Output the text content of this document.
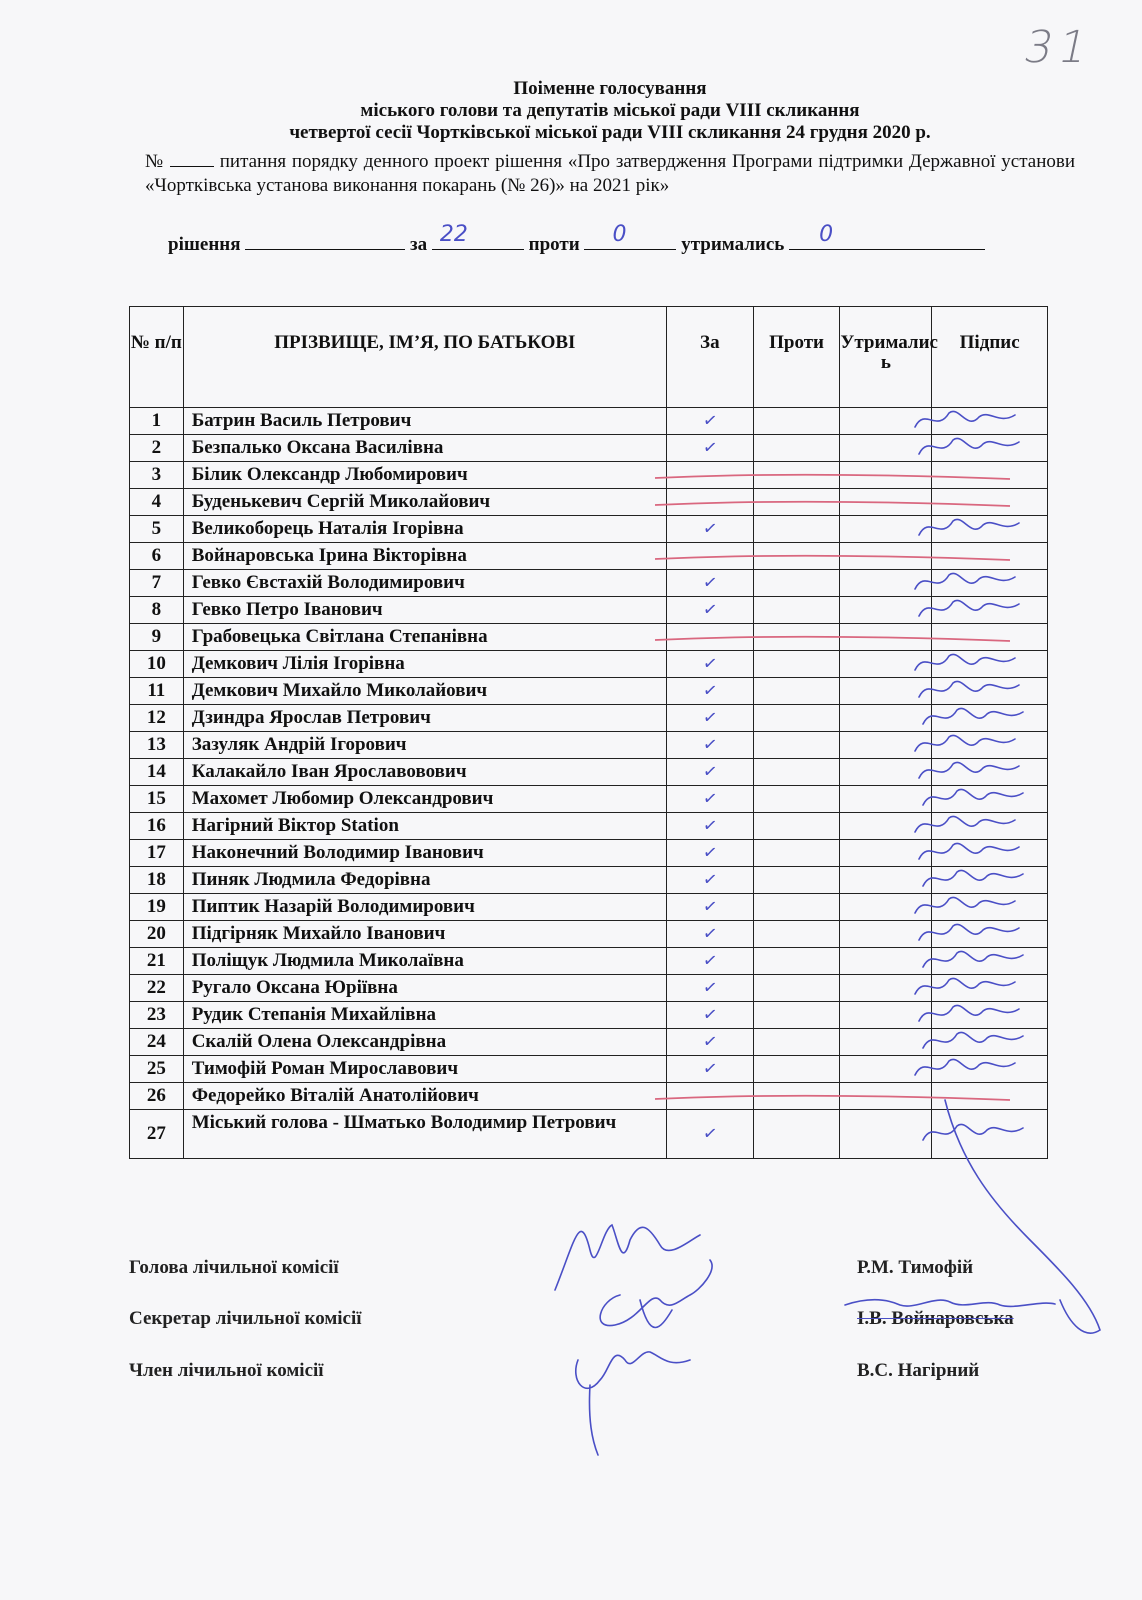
31
Поіменне голосування
міського голови та депутатів міської ради VIII скликання
четвертої сесії Чортківської міської ради VIII скликання 24 грудня 2020 р.
№	питання порядку денного проект рішення «Про затвердження Програми підтримки Державної установи «Чортківська установа виконання покарань (№ 26)» на 2021 рік»
рішення	за 22	проти 0	утримались 0
№ п/п	ПРІЗВИЩЕ, ІМ’Я, ПО БАТЬКОВІ	За	Проти	Утрималис ь	Підпис
1	Батрин Василь Петрович	✓			
2	Безпалько Оксана Василівна	✓			
3	Білик Олександр Любомирович				
4	Буденькевич Сергій Миколайович				
5	Великоборець Наталія Ігорівна	✓			
6	Войнаровська Ірина Вікторівна				
7	Гевко Євстахій Володимирович	✓			
8	Гевко Петро Іванович	✓			
9	Грабовецька Світлана Степанівна				
10	Демкович Лілія Ігорівна	✓			
11	Демкович Михайло Миколайович	✓			
12	Дзиндра Ярослав Петрович	✓			
13	Зазуляк Андрій Ігорович	✓			
14	Калакайло Іван Ярославовович	✓			
15	Махомет Любомир Олександрович	✓			
16	Нагірний Віктор Station	✓			
17	Наконечний Володимир Іванович	✓			
18	Пиняк Людмила Федорівна	✓			
19	Пиптик Назарій Володимирович	✓			
20	Підгірняк Михайло Іванович	✓			
21	Поліщук Людмила Миколаївна	✓			
22	Ругало Оксана Юріївна	✓			
23	Рудик Степанія Михайлівна	✓			
24	Скалій Олена Олександрівна	✓			
25	Тимофій Роман Мирославович	✓			
26	Федорейко Віталій Анатолійович				
27	Міський голова - Шматько Володимир Петрович	✓			
Голова лічильної комісії	Р.М. Тимофій
Секретар лічильної комісії	І.В. Войнаровська
Член лічильної комісії	В.С. Нагірний
